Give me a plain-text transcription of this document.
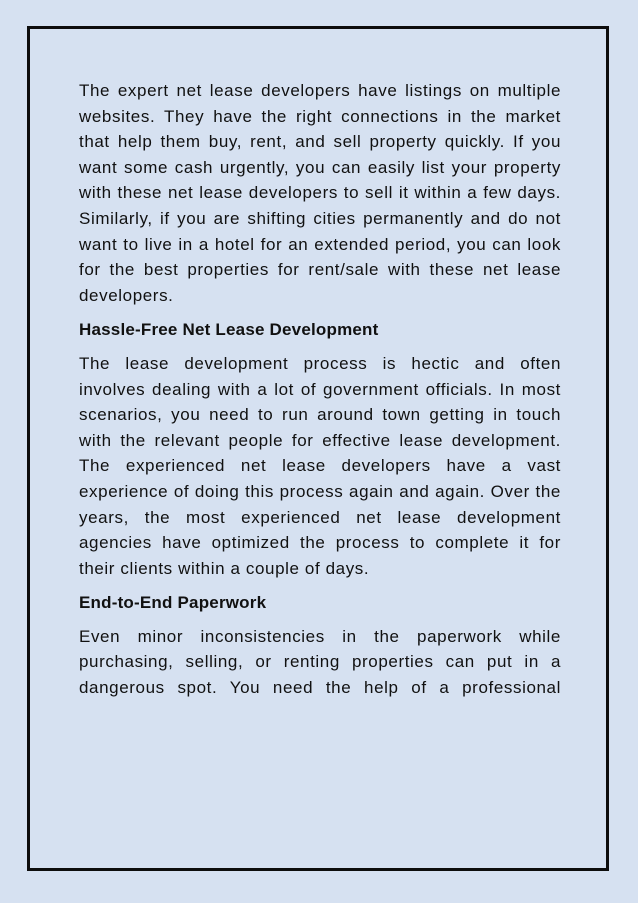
The expert net lease developers have listings on multiple websites. They have the right connections in the market that help them buy, rent, and sell property quickly. If you want some cash urgently, you can easily list your property with these net lease developers to sell it within a few days. Similarly, if you are shifting cities permanently and do not want to live in a hotel for an extended period, you can look for the best properties for rent/sale with these net lease developers.

Hassle-Free Net Lease Development

The lease development process is hectic and often involves dealing with a lot of government officials. In most scenarios, you need to run around town getting in touch with the relevant people for effective lease development. The experienced net lease developers have a vast experience of doing this process again and again. Over the years, the most experienced net lease development agencies have optimized the process to complete it for their clients within a couple of days.

End-to-End Paperwork

Even minor inconsistencies in the paperwork while purchasing, selling, or renting properties can put in a dangerous spot. You need the help of a professional
